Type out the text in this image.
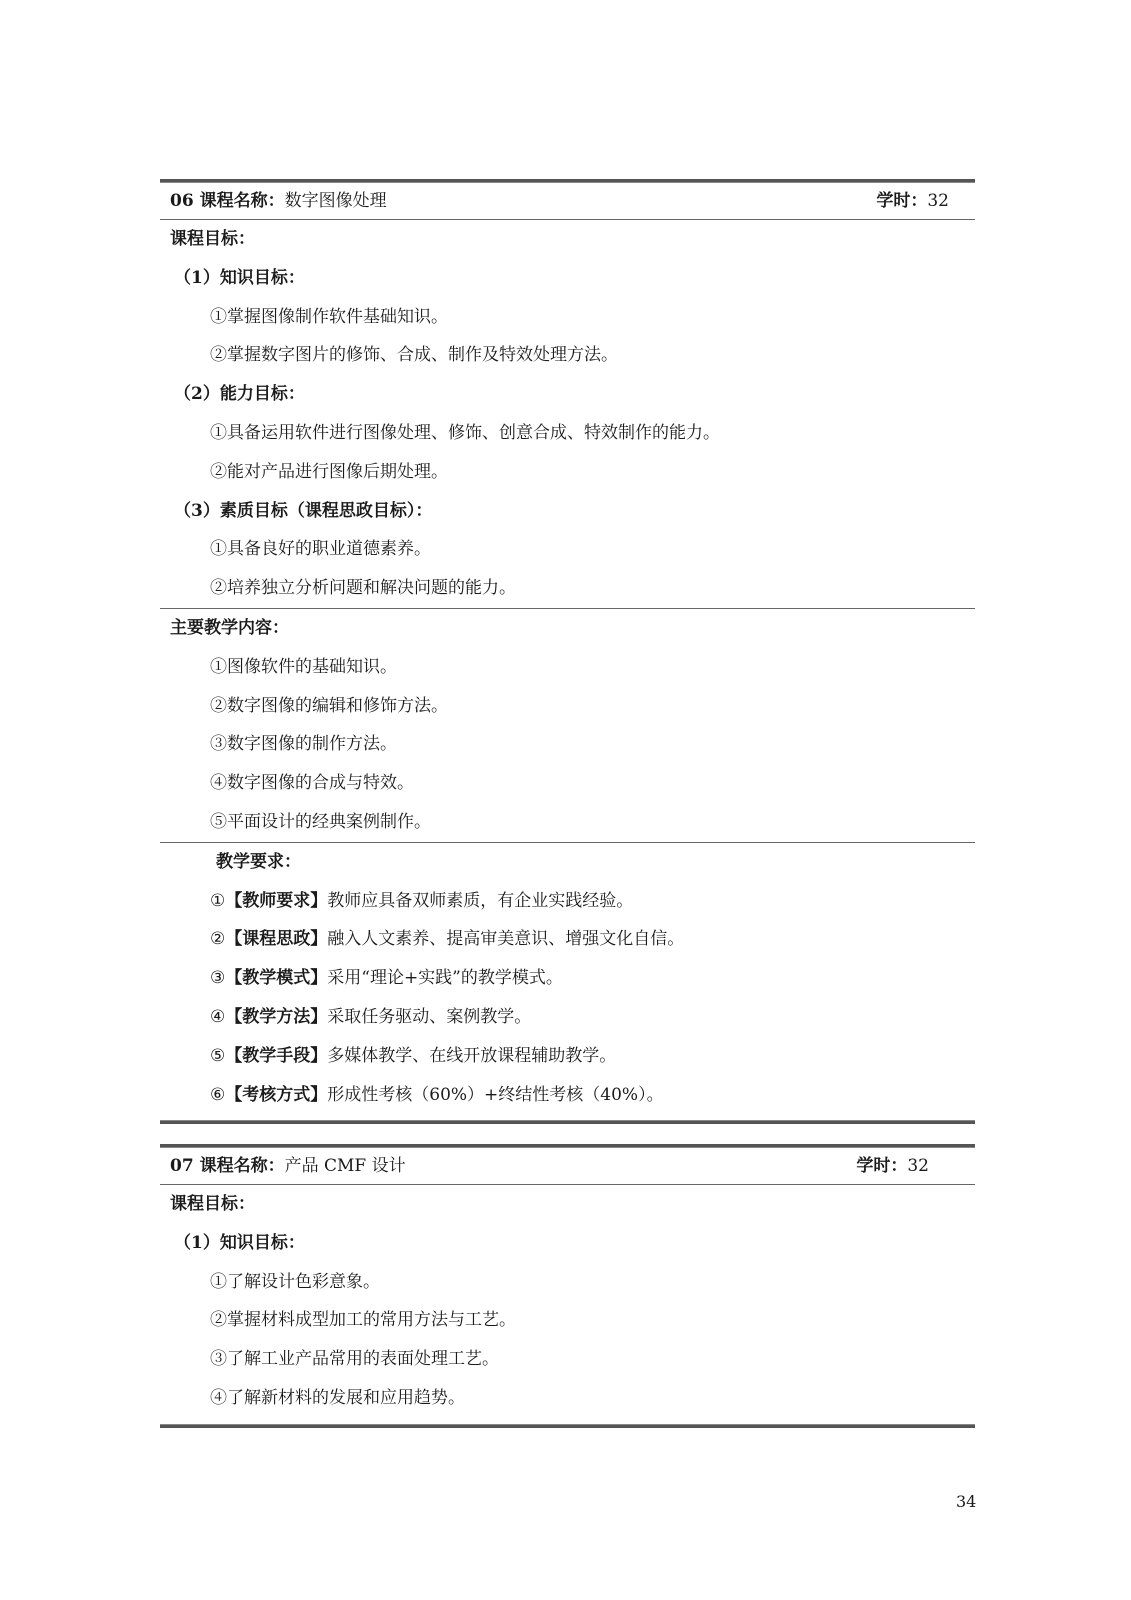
06 课程名称：数字图像处理	学时：32
课程目标：
（1）知识目标：
①掌握图像制作软件基础知识。
②掌握数字图片的修饰、合成、制作及特效处理方法。
（2）能力目标：
①具备运用软件进行图像处理、修饰、创意合成、特效制作的能力。
②能对产品进行图像后期处理。
（3）素质目标（课程思政目标）：
①具备良好的职业道德素养。
②培养独立分析问题和解决问题的能力。
主要教学内容：
①图像软件的基础知识。
②数字图像的编辑和修饰方法。
③数字图像的制作方法。
④数字图像的合成与特效。
⑤平面设计的经典案例制作。
教学要求：
①【教师要求】教师应具备双师素质，有企业实践经验。
②【课程思政】融入人文素养、提高审美意识、增强文化自信。
③【教学模式】采用“理论+实践”的教学模式。
④【教学方法】采取任务驱动、案例教学。
⑤【教学手段】多媒体教学、在线开放课程辅助教学。
⑥【考核方式】形成性考核（60%）+终结性考核（40%）。
07 课程名称：产品 CMF 设计	学时：32
课程目标：
（1）知识目标：
①了解设计色彩意象。
②掌握材料成型加工的常用方法与工艺。
③了解工业产品常用的表面处理工艺。
④了解新材料的发展和应用趋势。
34
